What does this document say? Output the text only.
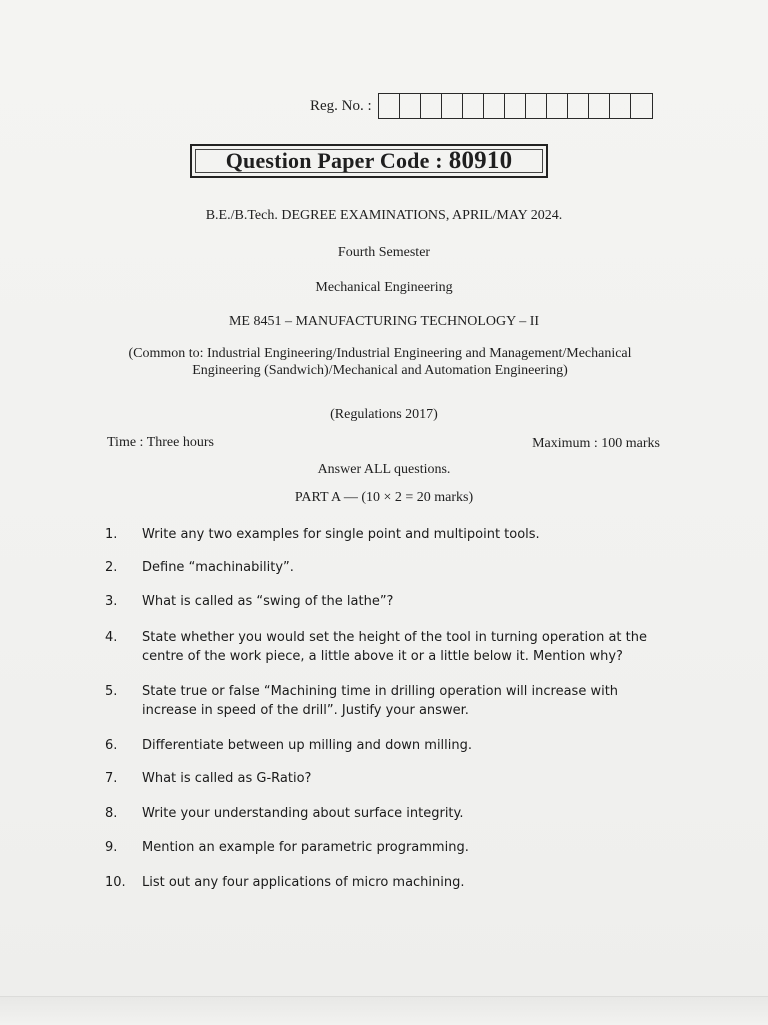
Reg. No. :
Question Paper Code : 80910
B.E./B.Tech. DEGREE EXAMINATIONS, APRIL/MAY 2024.
Fourth Semester
Mechanical Engineering
ME 8451 – MANUFACTURING TECHNOLOGY – II
(Common to: Industrial Engineering/Industrial Engineering and Management/Mechanical Engineering (Sandwich)/Mechanical and Automation Engineering)
(Regulations 2017)
Time : Three hours	Maximum : 100 marks
Answer ALL questions.
PART A — (10 × 2 = 20 marks)
1.	Write any two examples for single point and multipoint tools.
2.	Define “machinability”.
3.	What is called as “swing of the lathe”?
4.	State whether you would set the height of the tool in turning operation at the centre of the work piece, a little above it or a little below it. Mention why?
5.	State true or false “Machining time in drilling operation will increase with increase in speed of the drill”. Justify your answer.
6.	Differentiate between up milling and down milling.
7.	What is called as G-Ratio?
8.	Write your understanding about surface integrity.
9.	Mention an example for parametric programming.
10.	List out any four applications of micro machining.
